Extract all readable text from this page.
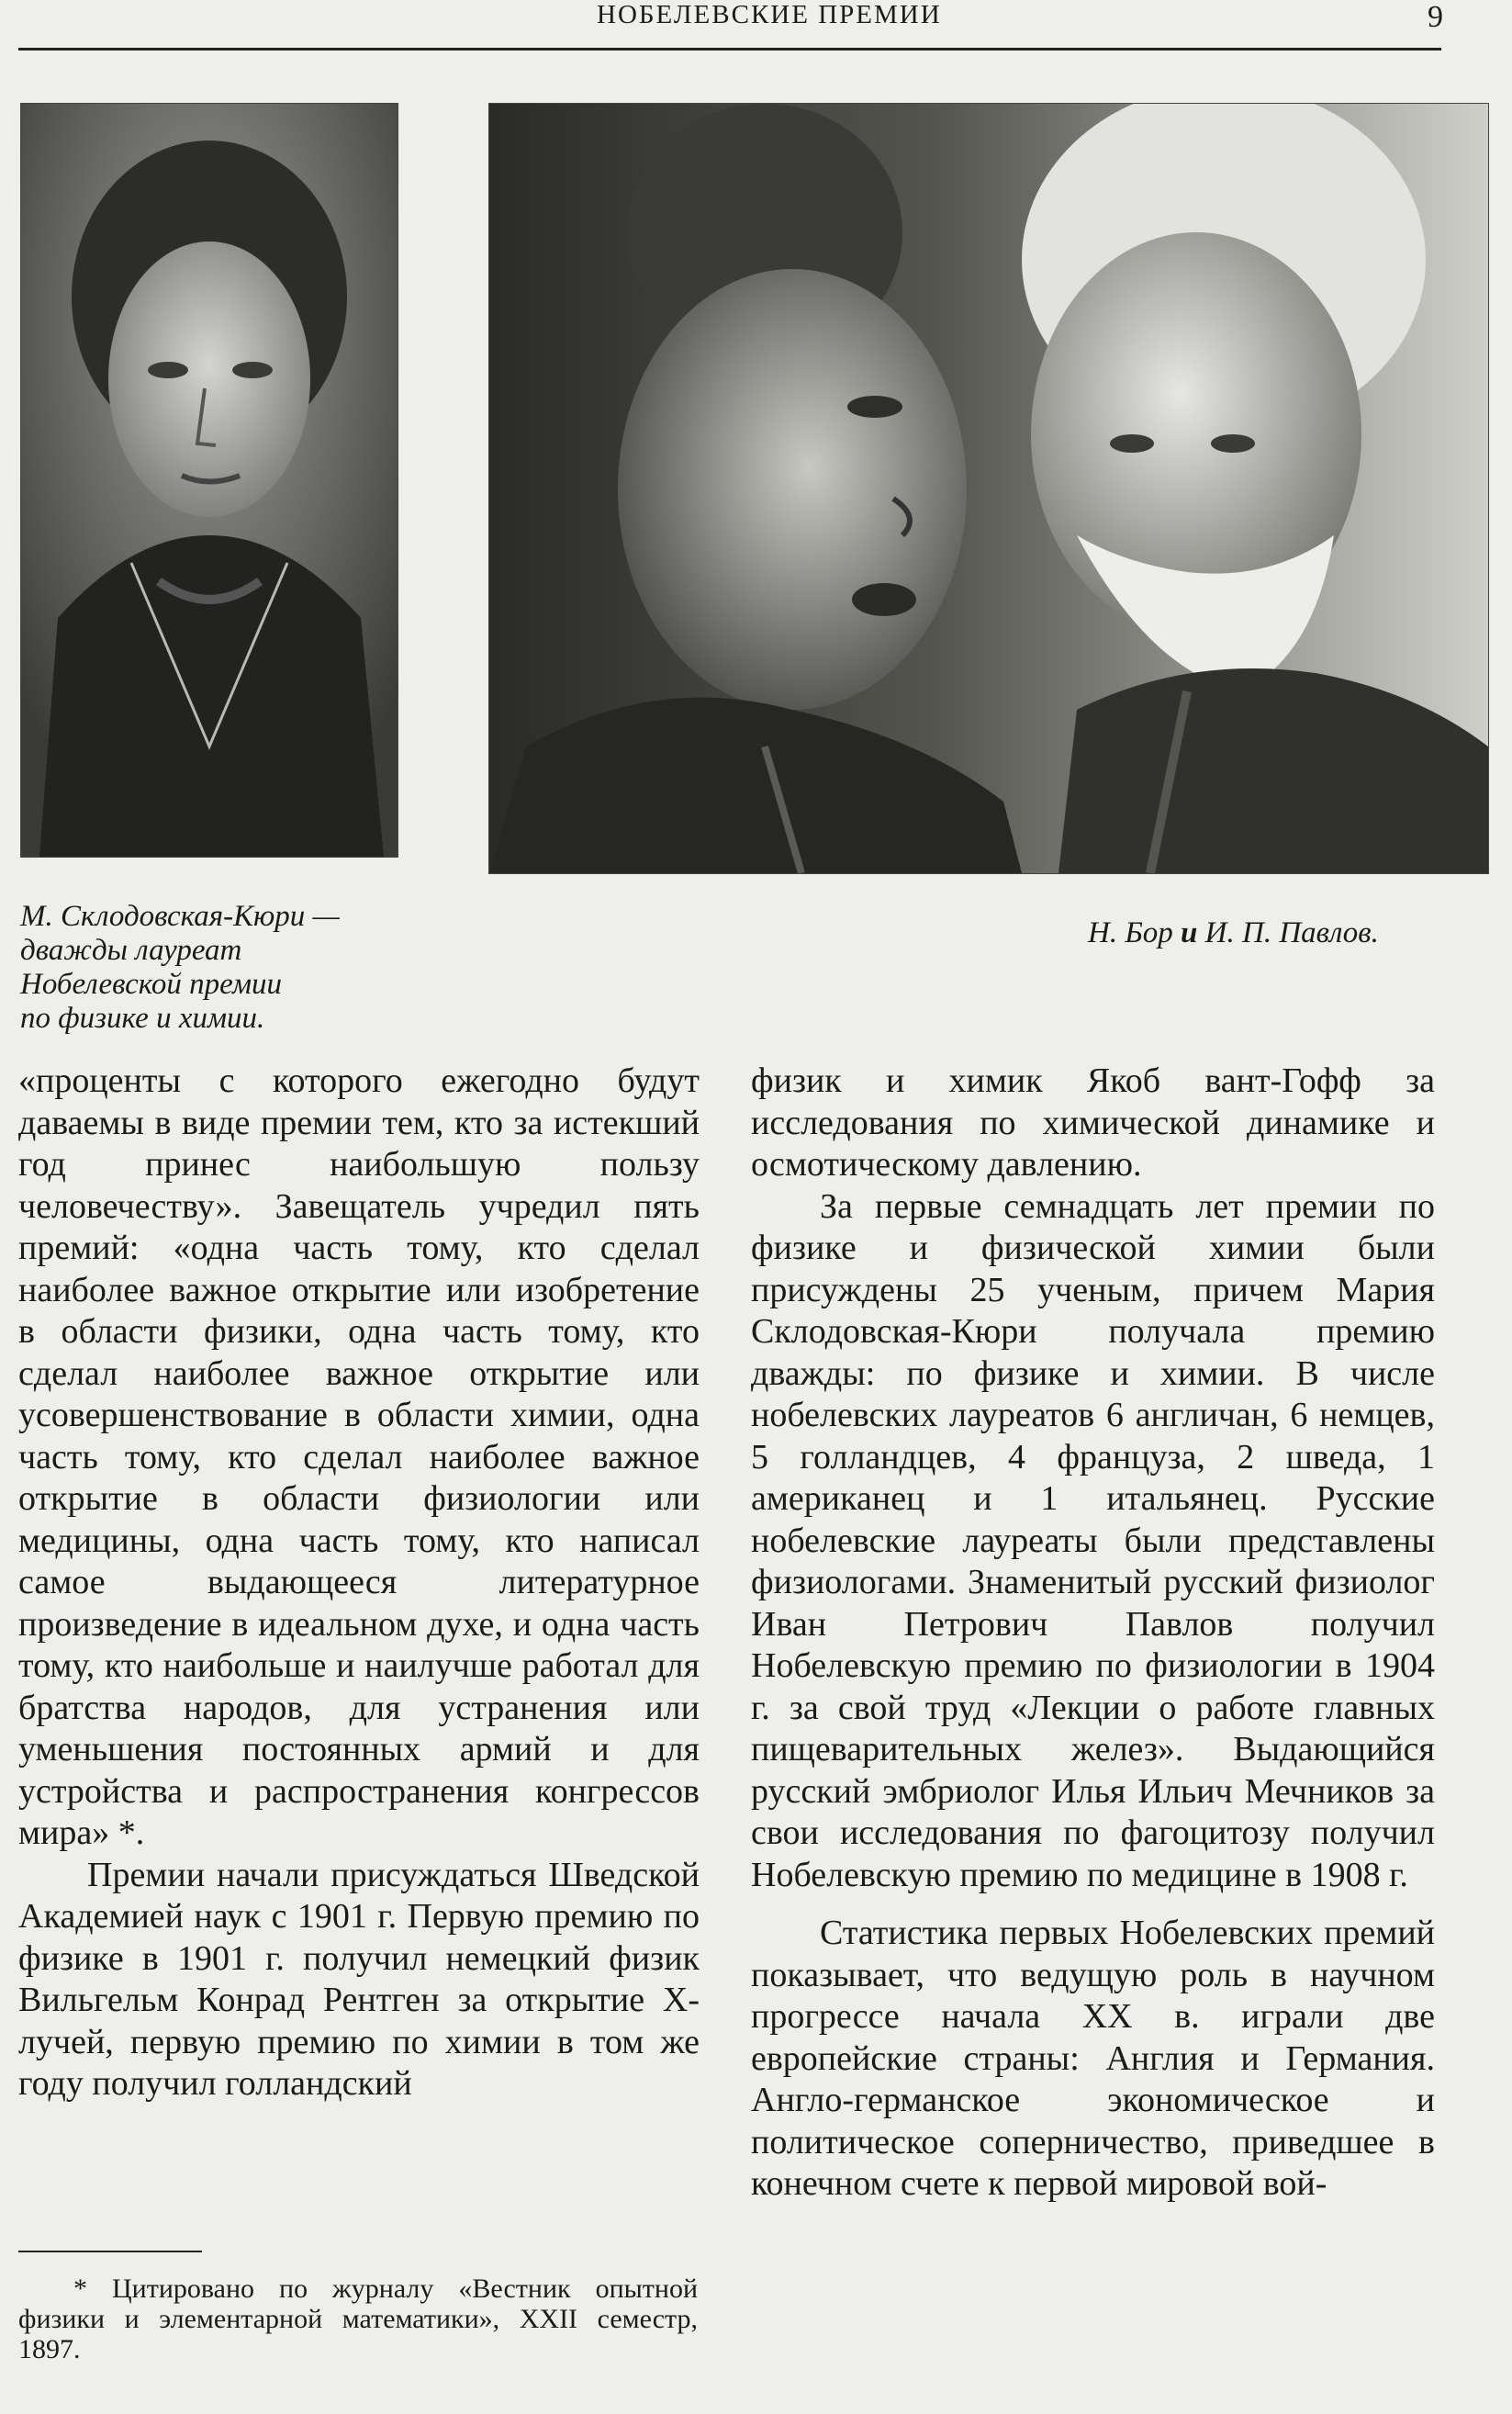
НОБЕЛЕВСКИЕ ПРЕМИИ	9

М. Склодовская-Кюри —

дважды лауреат

Нобелевской премии

по физике и химии.

Н. Бор и И. П. Павлов.

«проценты с которого ежегодно будут даваемы в виде премии тем, кто за истекший год принес наибольшую пользу человечеству». Завещатель учредил пять премий: «одна часть тому, кто сделал наиболее важное открытие или изобретение в области физики, одна часть тому, кто сделал наиболее важное открытие или усовершенствование в области химии, одна часть тому, кто сделал наиболее важное открытие в области физиологии или медицины, одна часть тому, кто написал самое выдающееся литературное произведение в идеальном духе, и одна часть тому, кто наибольше и наилучше работал для братства народов, для устранения или уменьшения постоянных армий и для устройства и распространения конгрессов мира» *.

Премии начали присуждаться Шведской Академией наук с 1901 г. Первую премию по физике в 1901 г. получил немецкий физик Вильгельм Конрад Рентген за открытие X-лучей, первую премию по химии в том же году получил голландский

физик и химик Якоб вант-Гофф за исследования по химической динамике и осмотическому давлению.

За первые семнадцать лет премии по физике и физической химии были присуждены 25 ученым, причем Мария Склодовская-Кюри получала премию дважды: по физике и химии. В числе нобелевских лауреатов 6 англичан, 6 немцев, 5 голландцев, 4 француза, 2 шведа, 1 американец и 1 итальянец. Русские нобелевские лауреаты были представлены физиологами. Знаменитый русский физиолог Иван Петрович Павлов получил Нобелевскую премию по физиологии в 1904 г. за свой труд «Лекции о работе главных пищеварительных желез». Выдающийся русский эмбриолог Илья Ильич Мечников за свои исследования по фагоцитозу получил Нобелевскую премию по медицине в 1908 г.

Статистика первых Нобелевских премий показывает, что ведущую роль в научном прогрессе начала XX в. играли две европейские страны: Англия и Германия. Англо-германское экономическое и политическое соперничество, приведшее в конечном счете к первой мировой вой-

* Цитировано по журналу «Вестник опытной физики и элементарной математики», XXII семестр, 1897.
